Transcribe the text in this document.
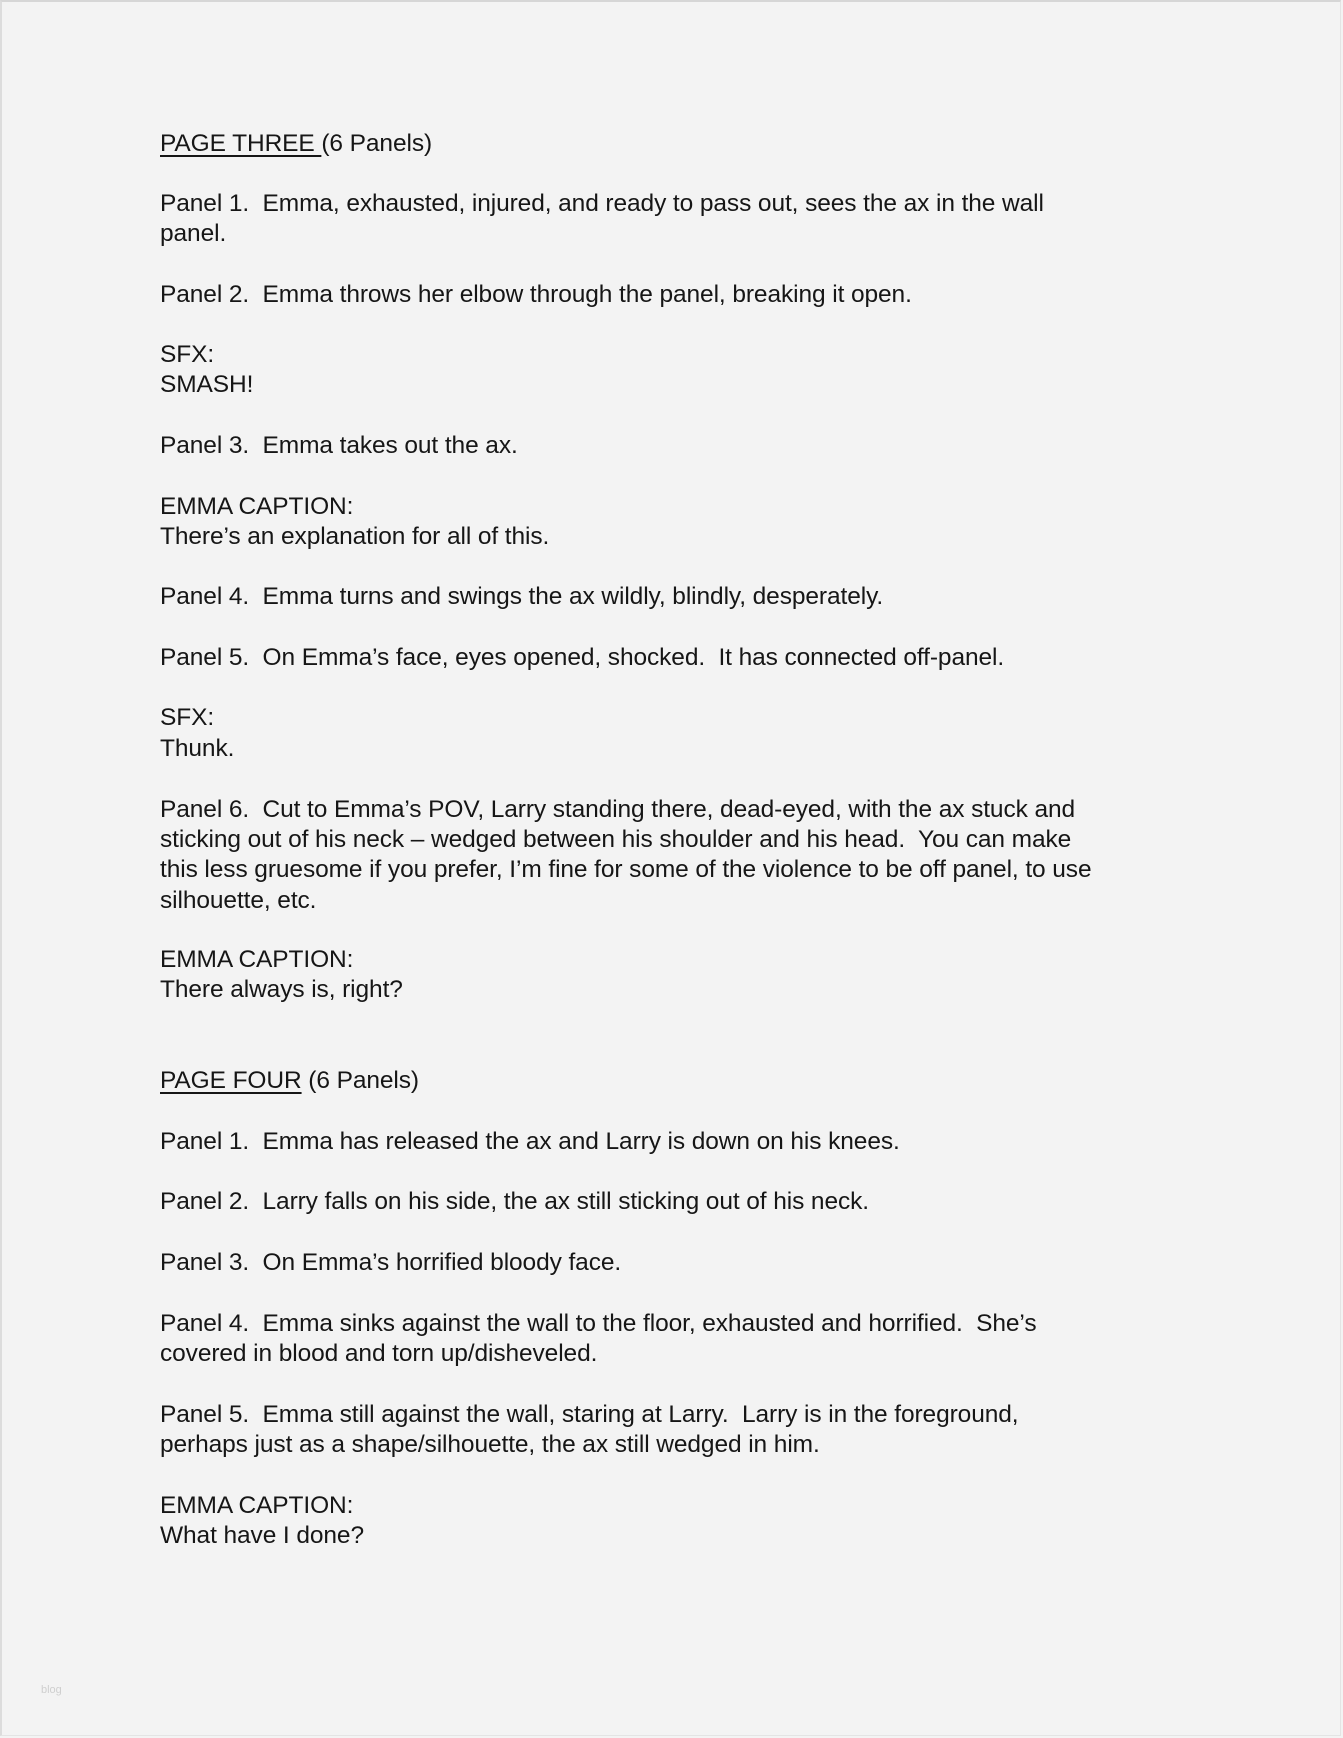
PAGE THREE (6 Panels)
Panel 1.  Emma, exhausted, injured, and ready to pass out, sees the ax in the wall
panel.
Panel 2.  Emma throws her elbow through the panel, breaking it open.
SFX:
SMASH!
Panel 3.  Emma takes out the ax.
EMMA CAPTION:
There’s an explanation for all of this.
Panel 4.  Emma turns and swings the ax wildly, blindly, desperately.
Panel 5.  On Emma’s face, eyes opened, shocked.  It has connected off-panel.
SFX:
Thunk.
Panel 6.  Cut to Emma’s POV, Larry standing there, dead-eyed, with the ax stuck and
sticking out of his neck – wedged between his shoulder and his head.  You can make
this less gruesome if you prefer, I’m fine for some of the violence to be off panel, to use
silhouette, etc.
EMMA CAPTION:
There always is, right?
PAGE FOUR (6 Panels)
Panel 1.  Emma has released the ax and Larry is down on his knees.
Panel 2.  Larry falls on his side, the ax still sticking out of his neck.
Panel 3.  On Emma’s horrified bloody face.
Panel 4.  Emma sinks against the wall to the floor, exhausted and horrified.  She’s
covered in blood and torn up/disheveled.
Panel 5.  Emma still against the wall, staring at Larry.  Larry is in the foreground,
perhaps just as a shape/silhouette, the ax still wedged in him.
EMMA CAPTION:
What have I done?
blog
